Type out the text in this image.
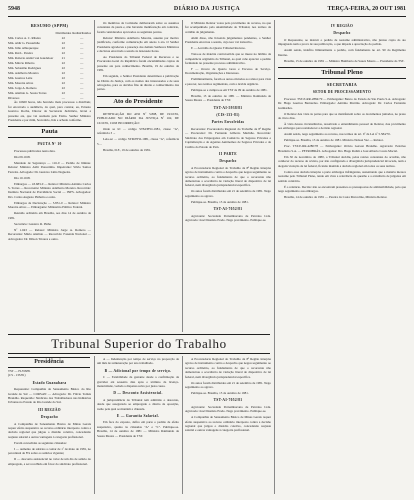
5948	DIÁRIO DA JUSTIÇA	TERÇA-FEIRA, 20 OUT 1981
RESUMO (SPPM)
	Distribuídos	Redistribuídos
Min. Carlos A. C. Ribeiro	22	—
Min. Aldir G. Passarinho	22	—
Min. Júlio Albuquerque	22	—
Min. Rui L. Pereira	22	—
Min. Roberto André van Gaudeloer	21	—
Min. Márcio Ribeiro	22	—
Min. Sebastião Rodrigues	22	—
Min. Adalberto Moreira	22	—
Min. Gueiros Leite	22	—
Min. Moreira Alves	22	—
Min. Jorge A. Romero	22	—
Min. Antônio G. Souza Torres	22	—
Diversos	—	—

Às 16h00 horas, não havendo mais processos a distribuir, foi encerrada a audiência, da qual, para constar, eu, Ernesto Gustavo Rocha, Diretor da Secretaria Judiciária, lavrei a presente ata, que vai assinada pelo Exmo. Senhor Ministro Presidente e por mim, Secretário, lida e achada conforme.

Pauta
PAUTA Nº 10

Processos publicados nesta data.

Dia 09.10.81

Mandado de Segurança — 116-0 — Pedido de liminar. Relator: Ministro Aldir Passarinho. Impetrante: Silvio Santos Ferreira. Advogado: Dr. Gustavo Lima Nogueira.

Dia 10.10.81

Embargos — 43.683-0 — Relator: Ministro Antônio Carlos S. Torres — Recorrente: Ministro Adalberto Moreira. Recorrido: Instituto Nacional de Previdência Social — INPS. Advogados: Drs. Carlos Augusto Pinheiro e outro.

Embargos de Declaração — 5.851-0 — Relator: Ministro Moreira Alves — Embargante: Ministério Público Federal.

Reunião ordinária em Brasília, aos dias 14 de outubro de 1981.

Secretário: Gustavo R. Pinho

Nº 1.043 — Relator: Ministro Jorge A. Romero — Recorrente: Mário Antônio — Recorrido: Fazenda Nacional — Advogados: Dr. Dilson Tavares e outro.

Os membros da Comissão deliberaram sobre os assuntos constantes da pauta e, não havendo manifestação em contrário, foram considerados aprovados os seguintes pontos.

Relator: Ministro Adalberto Moreira, ausente por motivo justificado, conforme comunicação em anexo à ata. O Senhor Presidente agradeceu a presença dos demais Senhores Ministros e declarou encerrada a sessão às dezessete horas.

Ao Presidente do Tribunal Federal de Recursos e ao Procurador-Geral da República foram encaminhadas cópias da presente ata para conhecimento. Brasília, 19 de outubro de 1981.

Em seguida, o Senhor Presidente determinou a publicação no Diário da Justiça, com os nomes dos interessados e de seus advogados, para os devidos fins de direito e conhecimento das partes.

Ato do Presidente

RETIFICAÇÃO DO ATO Nº 5.808, DE 19/10/81, PUBLICADO NO DIÁRIO DA JUSTIÇA Nº 162, DE 16/10/81, COM INCORREÇÃO:

Onde se lê: ... código STM/PFO-1981, classe "A", referência 3 ...

Leia-se: ... código STM/PFO-1981, classe "A", referência 5 ...

Brasília, D.F., 19 de outubro de 1981.

O Ministro Relator votou pelo provimento do recurso, no que foi acompanhado pela unanimidade do Tribunal, nos termos da certidão de julgamento.

Além disso, não havendo julgamentos pendentes, o Senhor Presidente encerrou a sessão, cujo teor vai transcrito.

E — Acórdão do Quarto Tribunal Recurso.

Trata-se de matéria controvertida que se insere no âmbito da competência originária do Tribunal, ao qual cabe apreciar o pedido formulado no presente processo administrativo.

F — Ocorre de Quarto Grau e Excesso de Serviço. Documentação, Organizações e Interesses.

Preliminarmente, foram os autos enviados ao relator para vista e parecer, nos termos regimentais, com a devida urgência.

Publique-se e cumpra-se em TST de 09 de outubro de 1981.

Brasília, 13 de outubro de 1981 — Ministro Raimundo de Souza Moura — Presidente do TST.

TST-AI-5938/81
(CIS-133-81)
Partes Envolvidas

Recorrente: Procuradoria Regional do Trabalho da 8ª Região — Procurador: Dr. Fernando Gilberto Marinho. Recorrido: Sindicato dos Empregados em Comércio de Seguros Privados e Capitalização e de Agentes Autônomos de Seguros Privados e de Crédito do Estado do Pará.

II PARTE
Despacho

A Procuradoria Regional do Trabalho da 8ª Região interpõe agravo de instrumento contra o despacho que negou seguimento ao recurso ordinário, ao fundamento de que o recorrente não demonstrou a ocorrência de violação literal de dispositivo de lei federal, nem divergência jurisprudencial específica.

Os autos foram distribuídos em 21 de setembro de 1981. Nego seguimento ao agravo.

Publique-se. Brasília, 15 de outubro de 1981.

TST-AI-7052/81

Agravante: Sociedade Pernambucana de Petróleo Ltda. Agravado: José Dionísio Prado. Nego provimento. Publique-se.

IV REGIÃO
Despacho

O Requerente, ao instruir o pedido de reexame administrativo, não juntou cópia do ato impugnado nem a prova de sua publicação, o que impede a apreciação do pedido.

Assim sendo, indefiro liminarmente o pedido, com fundamento no art. 90 do Regimento Interno.

Brasília, 15 de outubro de 1981 — Ministro Humberto de Souza Moura — Presidente do TST.

Tribunal Pleno
SECRETARIA
SETOR DE PROCESSAMENTO

Processo: TST-E-RR-2884/79 — Embargante: Banco do Estado de São Paulo S.A. Advogado: Dr. Hugo Gueiros Bernardes. Embargado: Antônio Martins. Advogado: Dr. Carlos Fernando Guimarães.

O Relator deu vista às partes para que se manifestem sobre os documentos juntados, no prazo de cinco dias.

À vista dessas circunstâncias, ressalvado o entendimento pessoal do Relator, dou provimento aos embargos para restabelecer a decisão regional.

Assim sendo, nego seguimento ao recurso, nos termos do art. 9º da Lei nº 5.584/70.

Publique-se. Brasília, 13 de outubro de 1981. Ministro Nelson Vaz — Relator.

Proc. TST-E-RR-4280/78 — Embargante: Otávio Gerson Brandão. Agravado: Petróleo Brasileiro S.A. — PETROBRÁS. Advogados: Drs. Hugo Rolim e José Alberto Couto Maciel.

Em 30 de novembro de 1980, o Tribunal decidiu, pelas razões constantes do acórdão, não conhecer do recurso de revista, por não configurada a divergência jurisprudencial invocada, nem a alegada violação de lei federal, ficando mantida a decisão regional em todos os seus termos.

Contra essa decisão interpõe a parte embargos infringentes, sustentando que a matéria merece reexame pelo Tribunal Pleno, tendo em vista a relevância da questão e a existência de julgados em sentido contrário.

É o relatório. Decido: não se encontram presentes os pressupostos de admissibilidade, pelo que nego seguimento aos embargos.

Brasília, 14 de outubro de 1981 — Pereira da Costa Marcolino, Ministro Relator.

Tribunal Superior do Trabalho
Presidência
TST — H-358/81
(CS - 133/81)
Estado Guanabara

Requerente: Companhia de Saneamento Básico do Rio Grande do Sul — CORSAN — Advogado: Dr. Flávio Tomás Brandão. Requerido: Sindicato dos Trabalhadores nas Indústrias Urbanas no Estado do Rio Grande do Sul.

III REGIÃO
Despacho

A Companhia de Saneamento Básico de Minas Gerais requer efeito suspensivo ao recurso ordinário interposto contra a decisão regional que julgou o dissídio coletivo, concedendo reajuste salarial e outras vantagens à categoria profissional.

Foram concedidas as seguintes cláusulas:

I — aumento de salários a contar de 1º de maio de 1981, no percentual de 8% sobre os salários vigentes;

II — desconto assistencial no valor de um dia de salário do empregado, a ser recolhido em favor do sindicato profissional.

A — Indenização por tempo de serviço na proporção de um mês de remuneração por ano trabalhado.

B — Adicional por tempo de serviço.

C — Estabilidade da gestante desde a confirmação da gravidez até sessenta dias após o término da licença-maternidade, vedada a dispensa salvo por justa causa.

D — Desconto Assistencial.

A jurisprudência do Tribunal tem admitido o desconto, desde que assegurado ao empregado o direito de oposição, razão pela qual se mantém a cláusula.

E — Garantia Salarial.

Em face do exposto, defiro em parte o pedido de efeito suspensivo, quanto às cláusulas "A" e "C". Publique-se. Brasília, 14 de outubro de 1981 — Ministro Raimundo de Souza Moura — Presidente do TST.

A Procuradoria Regional do Trabalho da 8ª Região interpõe agravo de instrumento contra o despacho que negou seguimento ao recurso ordinário, ao fundamento de que o recorrente não demonstrou a ocorrência de violação literal de dispositivo de lei federal, nem divergência jurisprudencial específica.

Os autos foram distribuídos em 21 de setembro de 1981. Nego seguimento ao agravo.

Publique-se. Brasília, 15 de outubro de 1981.

TST-AI-7052/81

Agravante: Sociedade Pernambucana de Petróleo Ltda. Agravado: José Dionísio Prado. Nego provimento. Publique-se.

A Companhia de Saneamento Básico de Minas Gerais requer efeito suspensivo ao recurso ordinário interposto contra a decisão regional que julgou o dissídio coletivo, concedendo reajuste salarial e outras vantagens à categoria profissional.
